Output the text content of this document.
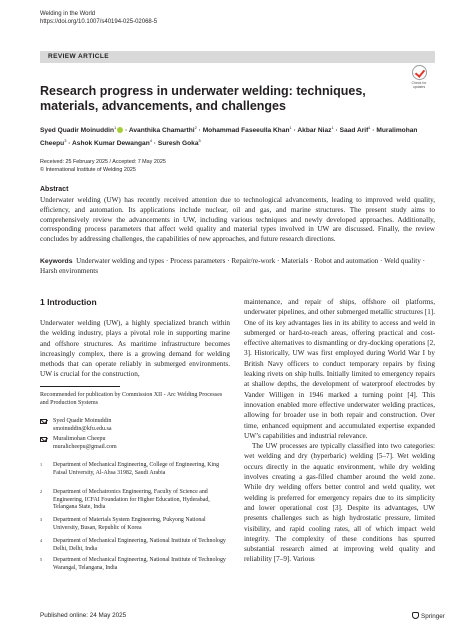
Welding in the World
https://doi.org/10.1007/s40194-025-02068-5
REVIEW ARTICLE
Check for
updates
Research progress in underwater welding: techniques, materials, advancements, and challenges
Syed Quadir Moinuddin$^1$ · Avanthika Chamarthi$^2$ · Mohammad Faseeulla Khan$^1$ · Akbar Niaz$^1$ · Saad Arif$^1$ · Muralimohan Cheepu$^3$ · Ashok Kumar Dewangan$^4$ · Suresh Goka$^5$
Received: 25 February 2025 / Accepted: 7 May 2025
© International Institute of Welding 2025
Abstract

Underwater welding (UW) has recently received attention due to technological advancements, leading to improved weld quality, efficiency, and automation. Its applications include nuclear, oil and gas, and marine structures. The present study aims to comprehensively review the advancements in UW, including various techniques and newly developed approaches. Additionally, corresponding process parameters that affect weld quality and material types involved in UW are discussed. Finally, the review concludes by addressing challenges, the capabilities of new approaches, and future research directions.

Keywords Underwater welding and types · Process parameters · Repair/re-work · Materials · Robot and automation · Weld quality · Harsh environments

1 Introduction

Underwater welding (UW), a highly specialized branch within the welding industry, plays a pivotal role in supporting marine and offshore structures. As maritime infrastructure becomes increasingly complex, there is a growing demand for welding methods that can operate reliably in submerged environments. UW is crucial for the construction,

maintenance, and repair of ships, offshore oil platforms, underwater pipelines, and other submerged metallic structures [1]. One of its key advantages lies in its ability to access and weld in submerged or hard-to-reach areas, offering practical and cost-effective alternatives to dismantling or dry-docking operations [2, 3]. Historically, UW was first employed during World War I by British Navy officers to conduct temporary repairs by fixing leaking rivets on ship hulls. Initially limited to emergency repairs at shallow depths, the development of waterproof electrodes by Vander Willigen in 1946 marked a turning point [4]. This innovation enabled more effective underwater welding practices, allowing for broader use in both repair and construction. Over time, enhanced equipment and accumulated expertise expanded UW’s capabilities and industrial relevance.

The UW processes are typically classified into two categories: wet welding and dry (hyperbaric) welding [5–7]. Wet welding occurs directly in the aquatic environment, while dry welding involves creating a gas-filled chamber around the weld zone. While dry welding offers better control and weld quality, wet welding is preferred for emergency repairs due to its simplicity and lower operational cost [3]. Despite its advantages, UW presents challenges such as high hydrostatic pressure, limited visibility, and rapid cooling rates, all of which impact weld integrity. The complexity of these conditions has spurred substantial research aimed at improving weld quality and reliability [7–9]. Various

Recommended for publication by Commission XII - Arc Welding Processes and Production Systems

Syed Quadir Moinuddin
smoinuddin@kfu.edu.sa
Muralimohan Cheepu
muralicheepu@gmail.com
1 Department of Mechanical Engineering, College of Engineering, King Faisal University, Al-Ahsa 31982, Saudi Arabia
2 Department of Mechatronics Engineering, Faculty of Science and Engineering, ICFAI Foundation for Higher Education, Hyderabad, Telangana State, India
3 Department of Materials System Engineering, Pukyong National University, Busan, Republic of Korea
4 Department of Mechanical Engineering, National Institute of Technology Delhi, Delhi, India
5 Department of Mechanical Engineering, National Institute of Technology Warangal, Telangana, India
Published online: 24 May 2025	Springer
